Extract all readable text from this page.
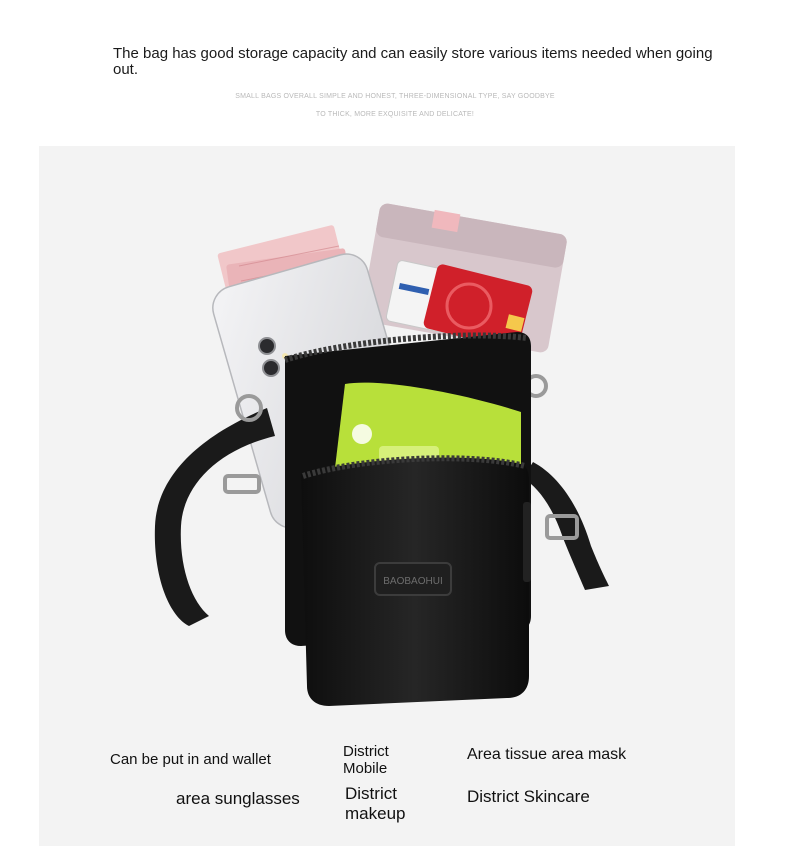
The bag has good storage capacity and can easily store various items needed when going out.
SMALL BAGS OVERALL SIMPLE AND HONEST, THREE-DIMENSIONAL TYPE, SAY GOODBYE
TO THICK, MORE EXQUISITE AND DELICATE!
BAOBAOHUI
Can be put in and wallet	District
Mobile
Area tissue area mask
area sunglasses	District
makeup
District Skincare
